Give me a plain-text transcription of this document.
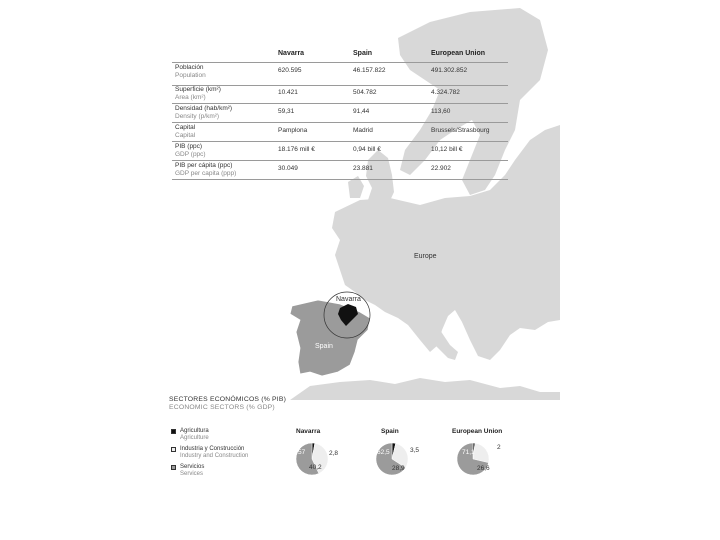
Europe
Navarra
Spain
Navarra	Spain	European Union
Población
Population
620.595	46.157.822	491.302.852
Superficie (km²)
Area (km²)
10.421	504.782	4.324.782
Densidad (hab/km²)
Density (p/km²)
59,31	91,44	113,60
Capital
Capital
Pamplona	Madrid	Brussels/Strasbourg
PIB (ppc)
GDP (ppc)
18.176 mill €	0,94 bill €	10,12 bill €
PIB per cápita (ppc)
GDP per capita (ppp)
30.049	23.881	22.902
SECTORES ECONÓMICOS (% PIB)
ECONOMIC SECTORS (% GDP)
Agricultura
Agriculture
Industria y Construcción
Industry and Construction
Servicios
Services
Navarra	Spain	European Union
57
40,2
2,8	62,5
28,9
3,5	71,1
26,6
2
